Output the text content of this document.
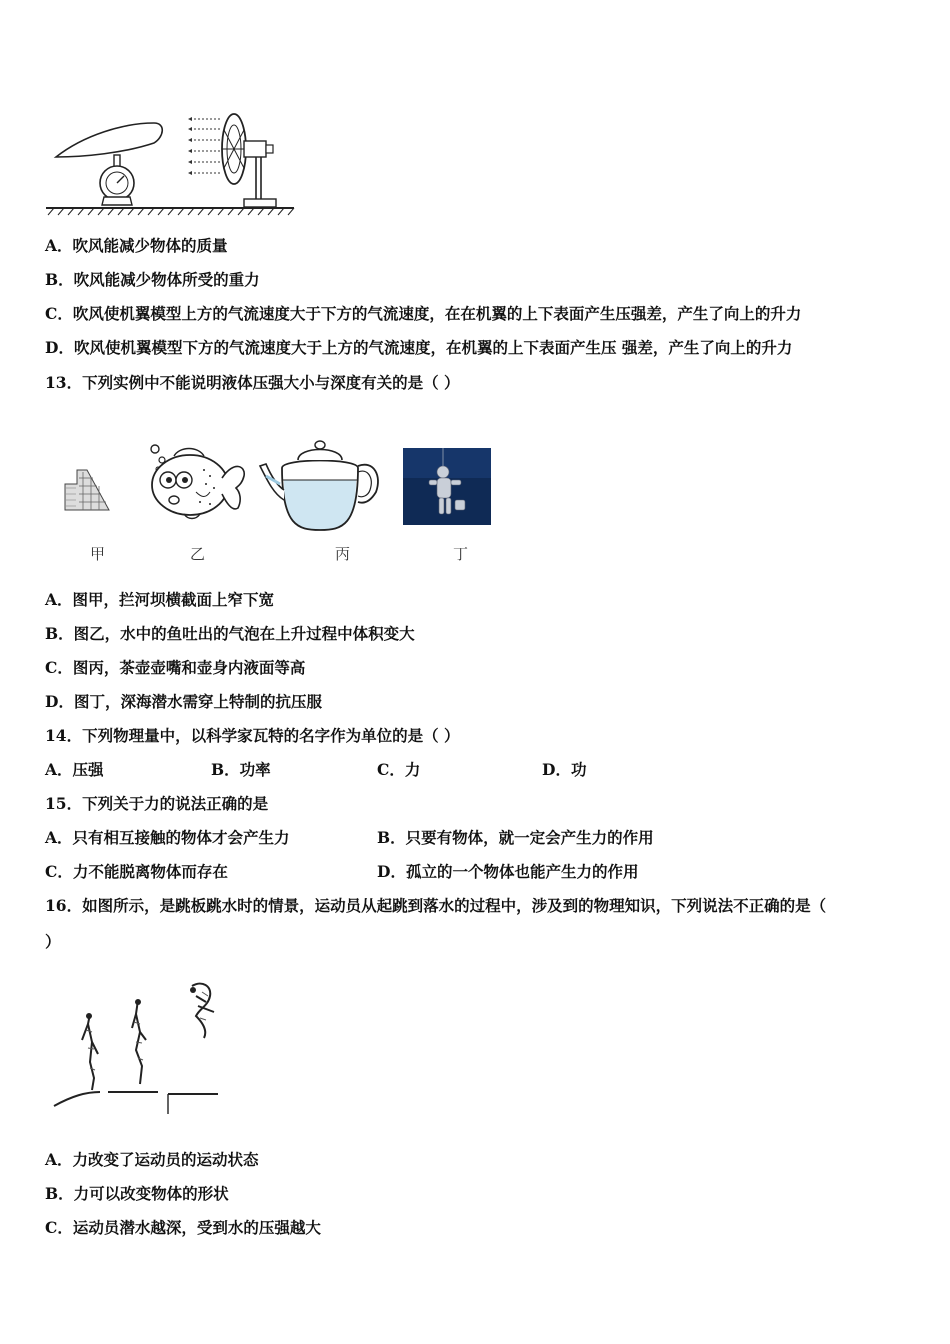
A．吹风能减少物体的质量
B．吹风能减少物体所受的重力
C．吹风使机翼模型上方的气流速度大于下方的气流速度，在在机翼的上下表面产生压强差，产生了向上的升力
D．吹风使机翼模型下方的气流速度大于上方的气流速度，在机翼的上下表面产生压 强差，产生了向上的升力
13．下列实例中不能说明液体压强大小与深度有关的是（ ）
甲	乙	丙	丁
A．图甲，拦河坝横截面上窄下宽
B．图乙，水中的鱼吐出的气泡在上升过程中体积变大
C．图丙，茶壶壶嘴和壶身内液面等高
D．图丁，深海潜水需穿上特制的抗压服
14．下列物理量中，以科学家瓦特的名字作为单位的是（ ）
A．压强	B．功率	C．力	D．功
15．下列关于力的说法正确的是
A．只有相互接触的物体才会产生力	B．只要有物体，就一定会产生力的作用
C．力不能脱离物体而存在	D．孤立的一个物体也能产生力的作用
16．如图所示，是跳板跳水时的情景，运动员从起跳到落水的过程中，涉及到的物理知识，下列说法不正确的是（
）
A．力改变了运动员的运动状态
B．力可以改变物体的形状
C．运动员潜水越深，受到水的压强越大
